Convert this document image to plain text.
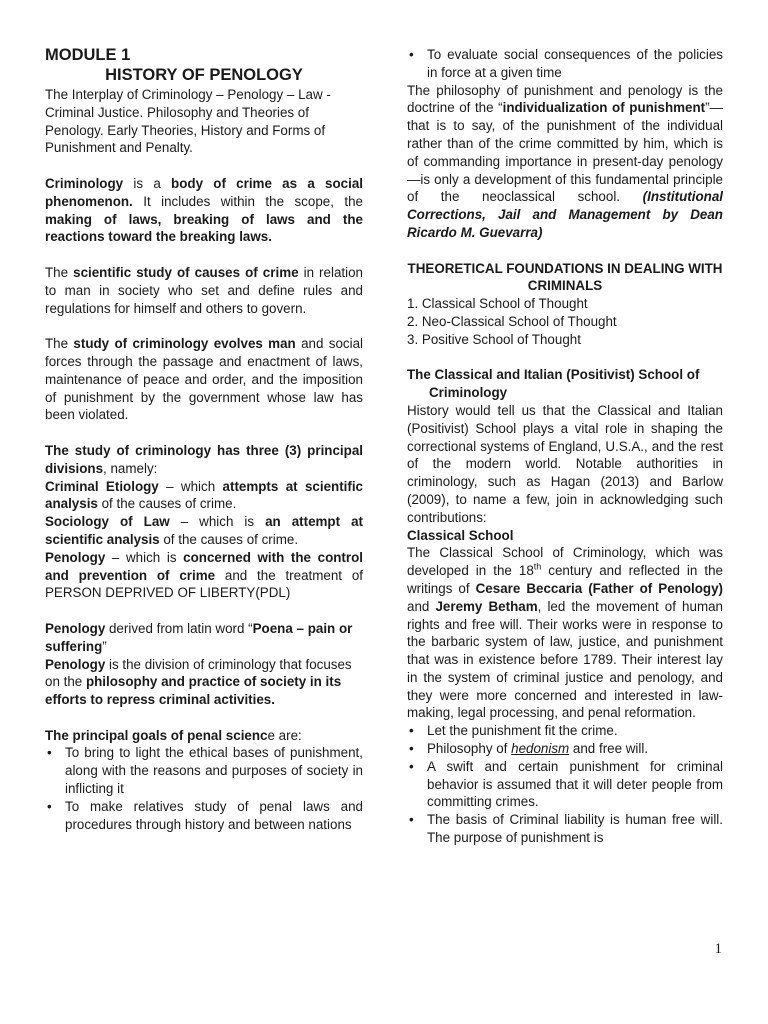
MODULE 1

HISTORY OF PENOLOGY

The Interplay of Criminology – Penology – Law - Criminal Justice. Philosophy and Theories of Penology. Early Theories, History and Forms of Punishment and Penalty.

Criminology is a body of crime as a social phenomenon. It includes within the scope, the making of laws, breaking of laws and the reactions toward the breaking laws.

The scientific study of causes of crime in relation to man in society who set and define rules and regulations for himself and others to govern.

The study of criminology evolves man and social forces through the passage and enactment of laws, maintenance of peace and order, and the imposition of punishment by the government whose law has been violated.

The study of criminology has three (3) principal divisions, namely:

Criminal Etiology – which attempts at scientific analysis of the causes of crime.

Sociology of Law – which is an attempt at scientific analysis of the causes of crime.

Penology – which is concerned with the control and prevention of crime and the treatment of PERSON DEPRIVED OF LIBERTY(PDL)

Penology derived from latin word “Poena – pain or suffering”

Penology is the division of criminology that focuses on the philosophy and practice of society in its efforts to repress criminal activities.

The principal goals of penal science are:

• To bring to light the ethical bases of punishment, along with the reasons and purposes of society in inflicting it
• To make relatives study of penal laws and procedures through history and between nations
• To evaluate social consequences of the policies in force at a given time

The philosophy of punishment and penology is the doctrine of the “individualization of punishment”—that is to say, of the punishment of the individual rather than of the crime committed by him, which is of commanding importance in present-day penology—is only a development of this fundamental principle of the neoclassical school. (Institutional Corrections, Jail and Management by Dean Ricardo M. Guevarra)

THEORETICAL FOUNDATIONS IN DEALING WITH CRIMINALS

1. Classical School of Thought
2. Neo-Classical School of Thought
3. Positive School of Thought

The Classical and Italian (Positivist) School of Criminology

History would tell us that the Classical and Italian (Positivist) School plays a vital role in shaping the correctional systems of England, U.S.A., and the rest of the modern world. Notable authorities in criminology, such as Hagan (2013) and Barlow (2009), to name a few, join in acknowledging such contributions:

Classical School

The Classical School of Criminology, which was developed in the 18th century and reflected in the writings of Cesare Beccaria (Father of Penology) and Jeremy Betham, led the movement of human rights and free will. Their works were in response to the barbaric system of law, justice, and punishment that was in existence before 1789. Their interest lay in the system of criminal justice and penology, and they were more concerned and interested in law-making, legal processing, and penal reformation.

• Let the punishment fit the crime.
• Philosophy of hedonism and free will.
• A swift and certain punishment for criminal behavior is assumed that it will deter people from committing crimes.
• The basis of Criminal liability is human free will. The purpose of punishment is
1
